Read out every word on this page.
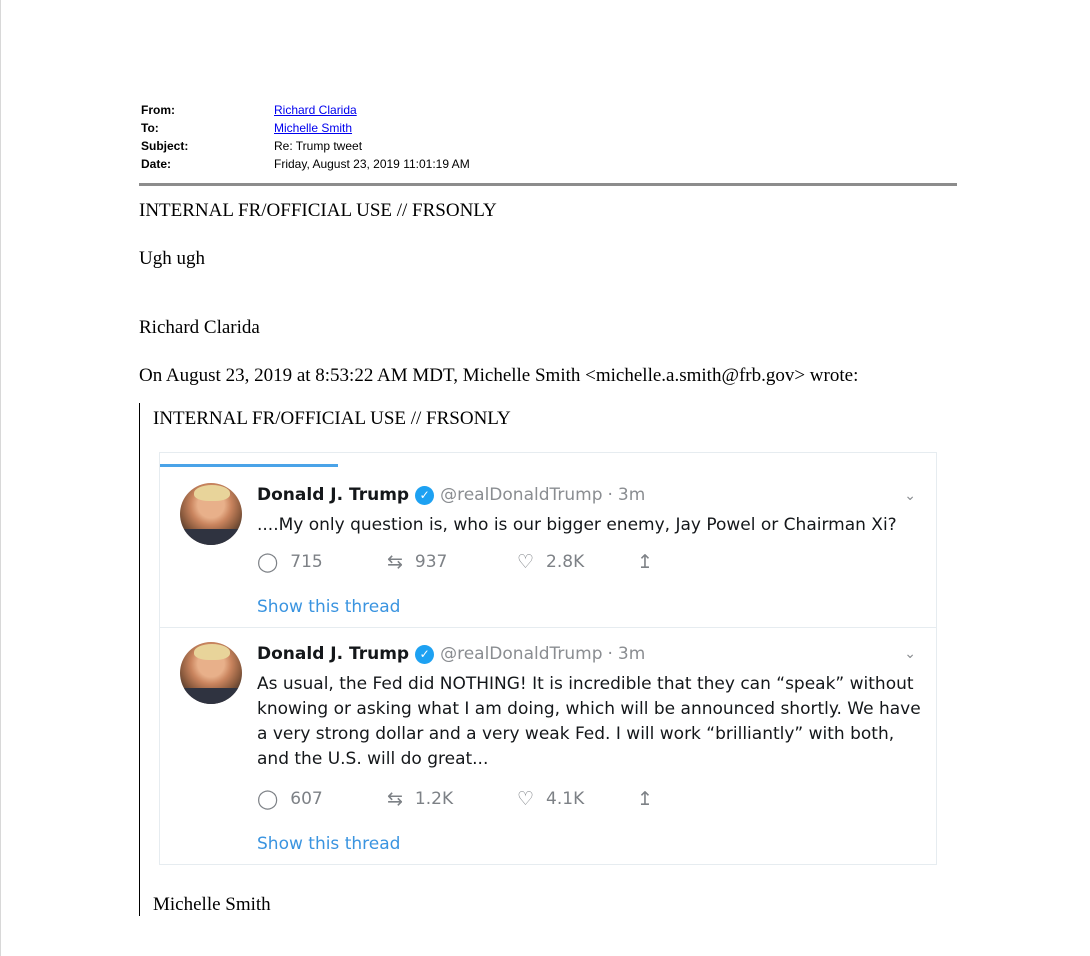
From:	Richard Clarida
To:	Michelle Smith
Subject:	Re: Trump tweet
Date:	Friday, August 23, 2019 11:01:19 AM
INTERNAL FR/OFFICIAL USE // FRSONLY
Ugh ugh
Richard Clarida
On August 23, 2019 at 8:53:22 AM MDT, Michelle Smith <michelle.a.smith@frb.gov> wrote:
INTERNAL FR/OFFICIAL USE // FRSONLY
Donald J. Trump ✓ @realDonaldTrump · 3m	⌄
....My only question is, who is our bigger enemy, Jay Powel or Chairman Xi?
◯ 715	⇆ 937	♡ 2.8K	↥
Show this thread
Donald J. Trump ✓ @realDonaldTrump · 3m	⌄
As usual, the Fed did NOTHING! It is incredible that they can “speak” without knowing or asking what I am doing, which will be announced shortly. We have a very strong dollar and a very weak Fed. I will work “brilliantly” with both, and the U.S. will do great...
◯ 607	⇆ 1.2K	♡ 4.1K	↥
Show this thread
Michelle Smith
